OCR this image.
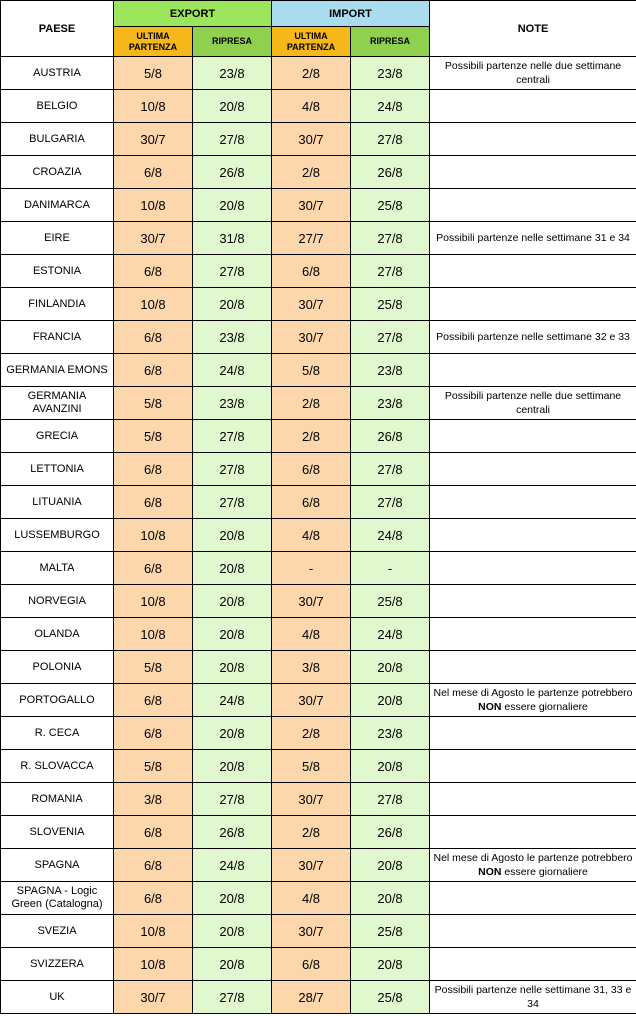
PAESE	EXPORT		IMPORT		NOTE
	ULTIMA PARTENZA	RIPRESA	ULTIMA PARTENZA	RIPRESA	
AUSTRIA	5/8	23/8	2/8	23/8	Possibili partenze nelle due settimane centrali
BELGIO	10/8	20/8	4/8	24/8	
BULGARIA	30/7	27/8	30/7	27/8	
CROAZIA	6/8	26/8	2/8	26/8	
DANIMARCA	10/8	20/8	30/7	25/8	
EIRE	30/7	31/8	27/7	27/8	Possibili partenze nelle settimane 31 e 34
ESTONIA	6/8	27/8	6/8	27/8	
FINLANDIA	10/8	20/8	30/7	25/8	
FRANCIA	6/8	23/8	30/7	27/8	Possibili partenze nelle settimane 32 e 33
GERMANIA EMONS	6/8	24/8	5/8	23/8	
GERMANIA AVANZINI	5/8	23/8	2/8	23/8	Possibili partenze nelle due settimane centrali
GRECIA	5/8	27/8	2/8	26/8	
LETTONIA	6/8	27/8	6/8	27/8	
LITUANIA	6/8	27/8	6/8	27/8	
LUSSEMBURGO	10/8	20/8	4/8	24/8	
MALTA	6/8	20/8	-	-	
NORVEGIA	10/8	20/8	30/7	25/8	
OLANDA	10/8	20/8	4/8	24/8	
POLONIA	5/8	20/8	3/8	20/8	
PORTOGALLO	6/8	24/8	30/7	20/8	Nel mese di Agosto le partenze potrebbero NON essere giornaliere
R. CECA	6/8	20/8	2/8	23/8	
R. SLOVACCA	5/8	20/8	5/8	20/8	
ROMANIA	3/8	27/8	30/7	27/8	
SLOVENIA	6/8	26/8	2/8	26/8	
SPAGNA	6/8	24/8	30/7	20/8	Nel mese di Agosto le partenze potrebbero NON essere giornaliere
SPAGNA - Logic Green (Catalogna)	6/8	20/8	4/8	20/8	
SVEZIA	10/8	20/8	30/7	25/8	
SVIZZERA	10/8	20/8	6/8	20/8	
UK	30/7	27/8	28/7	25/8	Possibili partenze nelle settimane 31, 33 e 34
